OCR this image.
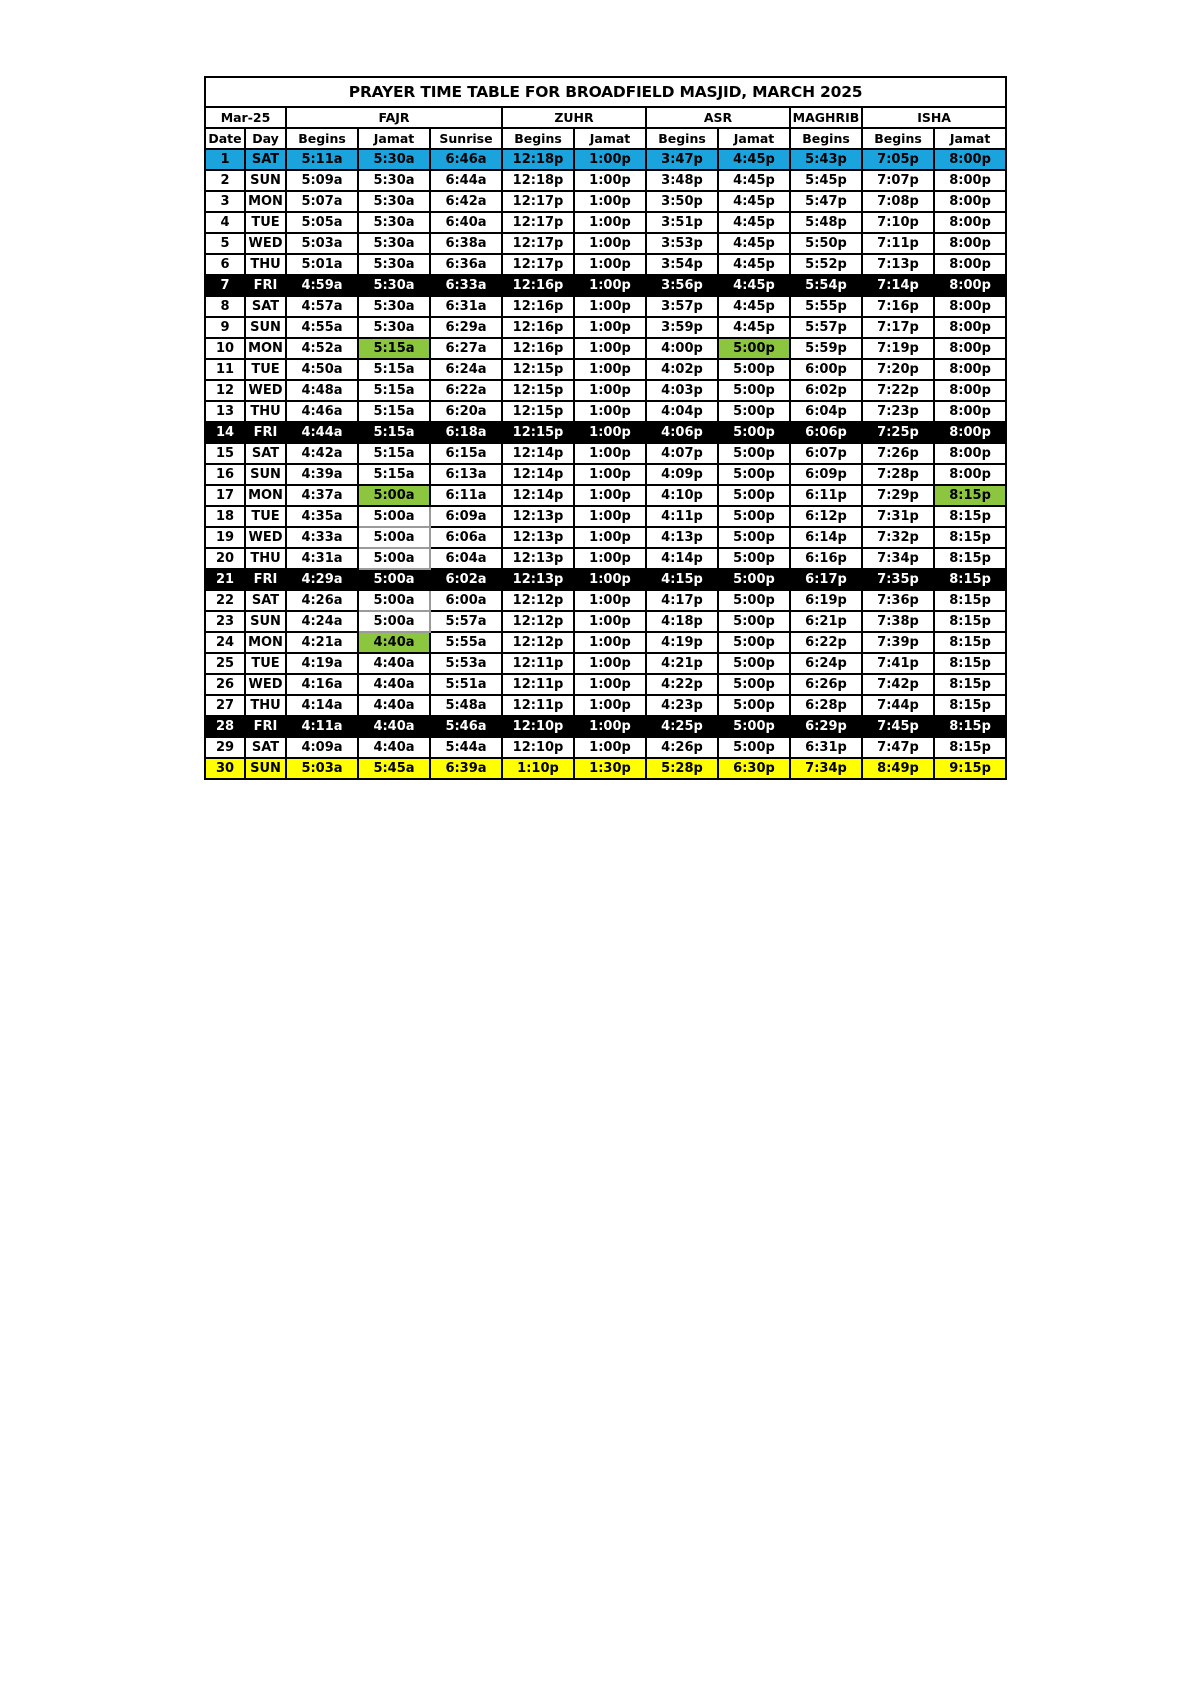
PRAYER TIME TABLE FOR BROADFIELD MASJID, MARCH 2025											
Mar-25		FAJR			ZUHR		ASR		MAGHRIB	ISHA	
Date	Day	Begins	Jamat	Sunrise	Begins	Jamat	Begins	Jamat	Begins	Begins	Jamat
1	SAT	5:11a	5:30a	6:46a	12:18p	1:00p	3:47p	4:45p	5:43p	7:05p	8:00p
2	SUN	5:09a	5:30a	6:44a	12:18p	1:00p	3:48p	4:45p	5:45p	7:07p	8:00p
3	MON	5:07a	5:30a	6:42a	12:17p	1:00p	3:50p	4:45p	5:47p	7:08p	8:00p
4	TUE	5:05a	5:30a	6:40a	12:17p	1:00p	3:51p	4:45p	5:48p	7:10p	8:00p
5	WED	5:03a	5:30a	6:38a	12:17p	1:00p	3:53p	4:45p	5:50p	7:11p	8:00p
6	THU	5:01a	5:30a	6:36a	12:17p	1:00p	3:54p	4:45p	5:52p	7:13p	8:00p
7	FRI	4:59a	5:30a	6:33a	12:16p	1:00p	3:56p	4:45p	5:54p	7:14p	8:00p
8	SAT	4:57a	5:30a	6:31a	12:16p	1:00p	3:57p	4:45p	5:55p	7:16p	8:00p
9	SUN	4:55a	5:30a	6:29a	12:16p	1:00p	3:59p	4:45p	5:57p	7:17p	8:00p
10	MON	4:52a	5:15a	6:27a	12:16p	1:00p	4:00p	5:00p	5:59p	7:19p	8:00p
11	TUE	4:50a	5:15a	6:24a	12:15p	1:00p	4:02p	5:00p	6:00p	7:20p	8:00p
12	WED	4:48a	5:15a	6:22a	12:15p	1:00p	4:03p	5:00p	6:02p	7:22p	8:00p
13	THU	4:46a	5:15a	6:20a	12:15p	1:00p	4:04p	5:00p	6:04p	7:23p	8:00p
14	FRI	4:44a	5:15a	6:18a	12:15p	1:00p	4:06p	5:00p	6:06p	7:25p	8:00p
15	SAT	4:42a	5:15a	6:15a	12:14p	1:00p	4:07p	5:00p	6:07p	7:26p	8:00p
16	SUN	4:39a	5:15a	6:13a	12:14p	1:00p	4:09p	5:00p	6:09p	7:28p	8:00p
17	MON	4:37a	5:00a	6:11a	12:14p	1:00p	4:10p	5:00p	6:11p	7:29p	8:15p
18	TUE	4:35a	5:00a	6:09a	12:13p	1:00p	4:11p	5:00p	6:12p	7:31p	8:15p
19	WED	4:33a	5:00a	6:06a	12:13p	1:00p	4:13p	5:00p	6:14p	7:32p	8:15p
20	THU	4:31a	5:00a	6:04a	12:13p	1:00p	4:14p	5:00p	6:16p	7:34p	8:15p
21	FRI	4:29a	5:00a	6:02a	12:13p	1:00p	4:15p	5:00p	6:17p	7:35p	8:15p
22	SAT	4:26a	5:00a	6:00a	12:12p	1:00p	4:17p	5:00p	6:19p	7:36p	8:15p
23	SUN	4:24a	5:00a	5:57a	12:12p	1:00p	4:18p	5:00p	6:21p	7:38p	8:15p
24	MON	4:21a	4:40a	5:55a	12:12p	1:00p	4:19p	5:00p	6:22p	7:39p	8:15p
25	TUE	4:19a	4:40a	5:53a	12:11p	1:00p	4:21p	5:00p	6:24p	7:41p	8:15p
26	WED	4:16a	4:40a	5:51a	12:11p	1:00p	4:22p	5:00p	6:26p	7:42p	8:15p
27	THU	4:14a	4:40a	5:48a	12:11p	1:00p	4:23p	5:00p	6:28p	7:44p	8:15p
28	FRI	4:11a	4:40a	5:46a	12:10p	1:00p	4:25p	5:00p	6:29p	7:45p	8:15p
29	SAT	4:09a	4:40a	5:44a	12:10p	1:00p	4:26p	5:00p	6:31p	7:47p	8:15p
30	SUN	5:03a	5:45a	6:39a	1:10p	1:30p	5:28p	6:30p	7:34p	8:49p	9:15p
